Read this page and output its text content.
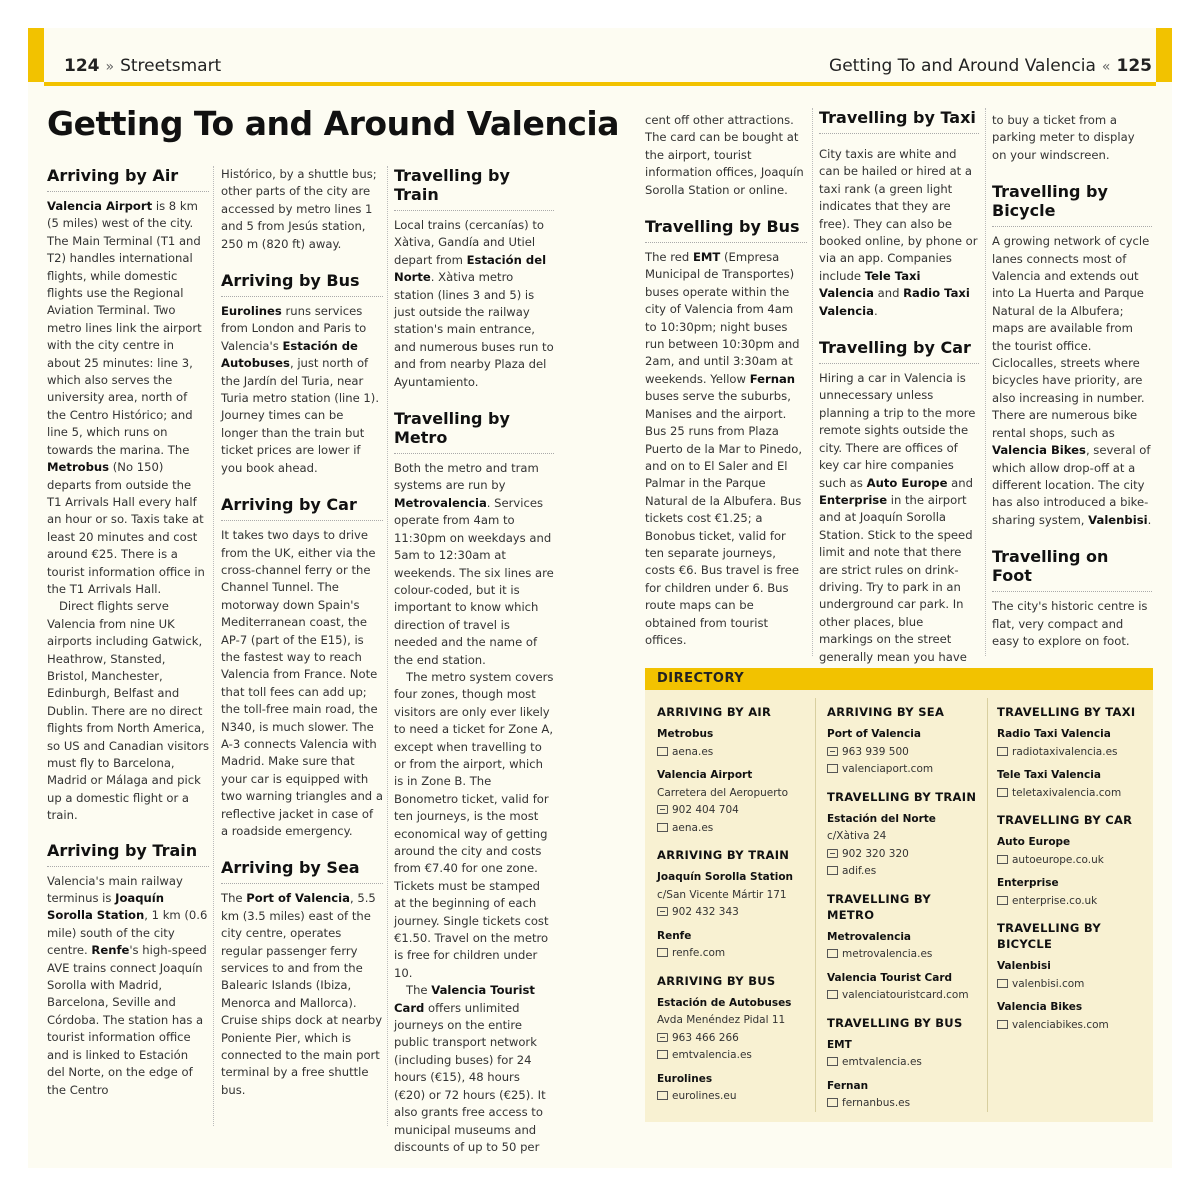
124 » Streetsmart	Getting To and Around Valencia « 125
Getting To and Around Valencia
Arriving by Air

Valencia Airport is 8 km (5 miles) west of the city. The Main Terminal (T1 and T2) handles international flights, while domestic flights use the Regional Aviation Terminal. Two metro lines link the airport with the city centre in about 25 minutes: line 3, which also serves the university area, north of the Centro Histórico; and line 5, which runs on towards the marina. The Metrobus (No 150) departs from outside the T1 Arrivals Hall every half an hour or so. Taxis take at least 20 minutes and cost around €25. There is a tourist information office in the T1 Arrivals Hall.

Direct flights serve Valencia from nine UK airports including Gatwick, Heathrow, Stansted, Bristol, Manchester, Edinburgh, Belfast and Dublin. There are no direct flights from North America, so US and Canadian visitors must fly to Barcelona, Madrid or Málaga and pick up a domestic flight or a train.

Arriving by Train

Valencia's main railway terminus is Joaquín Sorolla Station, 1 km (0.6 mile) south of the city centre. Renfe's high-speed AVE trains connect Joaquín Sorolla with Madrid, Barcelona, Seville and Córdoba. The station has a tourist information office and is linked to Estación del Norte, on the edge of the Centro

Histórico, by a shuttle bus; other parts of the city are accessed by metro lines 1 and 5 from Jesús station, 250 m (820 ft) away.

Arriving by Bus

Eurolines runs services from London and Paris to Valencia's Estación de Autobuses, just north of the Jardín del Turia, near Turia metro station (line 1). Journey times can be longer than the train but ticket prices are lower if you book ahead.

Arriving by Car

It takes two days to drive from the UK, either via the cross-channel ferry or the Channel Tunnel. The motorway down Spain's Mediterranean coast, the AP-7 (part of the E15), is the fastest way to reach Valencia from France. Note that toll fees can add up; the toll-free main road, the N340, is much slower. The A-3 connects Valencia with Madrid. Make sure that your car is equipped with two warning triangles and a reflective jacket in case of a roadside emergency.

Arriving by Sea

The Port of Valencia, 5.5 km (3.5 miles) east of the city centre, operates regular passenger ferry services to and from the Balearic Islands (Ibiza, Menorca and Mallorca). Cruise ships dock at nearby Poniente Pier, which is connected to the main port terminal by a free shuttle bus.

Travelling by Train

Local trains (cercanías) to Xàtiva, Gandía and Utiel depart from Estación del Norte. Xàtiva metro station (lines 3 and 5) is just outside the railway station's main entrance, and numerous buses run to and from nearby Plaza del Ayuntamiento.

Travelling by Metro

Both the metro and tram systems are run by Metrovalencia. Services operate from 4am to 11:30pm on weekdays and 5am to 12:30am at weekends. The six lines are colour-coded, but it is important to know which direction of travel is needed and the name of the end station.

The metro system covers four zones, though most visitors are only ever likely to need a ticket for Zone A, except when travelling to or from the airport, which is in Zone B. The Bonometro ticket, valid for ten journeys, is the most economical way of getting around the city and costs from €7.40 for one zone. Tickets must be stamped at the beginning of each journey. Single tickets cost €1.50. Travel on the metro is free for children under 10.

The Valencia Tourist Card offers unlimited journeys on the entire public transport network (including buses) for 24 hours (€15), 48 hours (€20) or 72 hours (€25). It also grants free access to municipal museums and discounts of up to 50 per

cent off other attractions. The card can be bought at the airport, tourist information offices, Joaquín Sorolla Station or online.

Travelling by Bus

The red EMT (Empresa Municipal de Transportes) buses operate within the city of Valencia from 4am to 10:30pm; night buses run between 10:30pm and 2am, and until 3:30am at weekends. Yellow Fernan buses serve the suburbs, Manises and the airport. Bus 25 runs from Plaza Puerto de la Mar to Pinedo, and on to El Saler and El Palmar in the Parque Natural de la Albufera. Bus tickets cost €1.25; a Bonobus ticket, valid for ten separate journeys, costs €6. Bus travel is free for children under 6. Bus route maps can be obtained from tourist offices.

Travelling by Taxi

City taxis are white and can be hailed or hired at a taxi rank (a green light indicates that they are free). They can also be booked online, by phone or via an app. Companies include Tele Taxi Valencia and Radio Taxi Valencia.

Travelling by Car

Hiring a car in Valencia is unnecessary unless planning a trip to the more remote sights outside the city. There are offices of key car hire companies such as Auto Europe and Enterprise in the airport and at Joaquín Sorolla Station. Stick to the speed limit and note that there are strict rules on drink-driving. Try to park in an underground car park. In other places, blue markings on the street generally mean you have

to buy a ticket from a parking meter to display on your windscreen.

Travelling by Bicycle

A growing network of cycle lanes connects most of Valencia and extends out into La Huerta and Parque Natural de la Albufera; maps are available from the tourist office. Ciclocalles, streets where bicycles have priority, are also increasing in number. There are numerous bike rental shops, such as Valencia Bikes, several of which allow drop-off at a different location. The city has also introduced a bike-sharing system, Valenbisi.

Travelling on Foot

The city's historic centre is flat, very compact and easy to explore on foot.

DIRECTORY
ARRIVING BY AIR
Metrobus
aena.es
Valencia Airport
Carretera del Aeropuerto
902 404 704
aena.es
ARRIVING BY TRAIN
Joaquín Sorolla Station
c/San Vicente Mártir 171
902 432 343
Renfe
renfe.com
ARRIVING BY BUS
Estación de Autobuses
Avda Menéndez Pidal 11
963 466 266
emtvalencia.es
Eurolines
eurolines.eu
ARRIVING BY SEA
Port of Valencia
963 939 500
valenciaport.com
TRAVELLING BY TRAIN
Estación del Norte
c/Xàtiva 24
902 320 320
adif.es
TRAVELLING BY METRO
Metrovalencia
metrovalencia.es
Valencia Tourist Card
valenciatouristcard.com
TRAVELLING BY BUS
EMT
emtvalencia.es
Fernan
fernanbus.es
TRAVELLING BY TAXI
Radio Taxi Valencia
radiotaxivalencia.es
Tele Taxi Valencia
teletaxivalencia.com
TRAVELLING BY CAR
Auto Europe
autoeurope.co.uk
Enterprise
enterprise.co.uk
TRAVELLING BY BICYCLE
Valenbisi
valenbisi.com
Valencia Bikes
valenciabikes.com
